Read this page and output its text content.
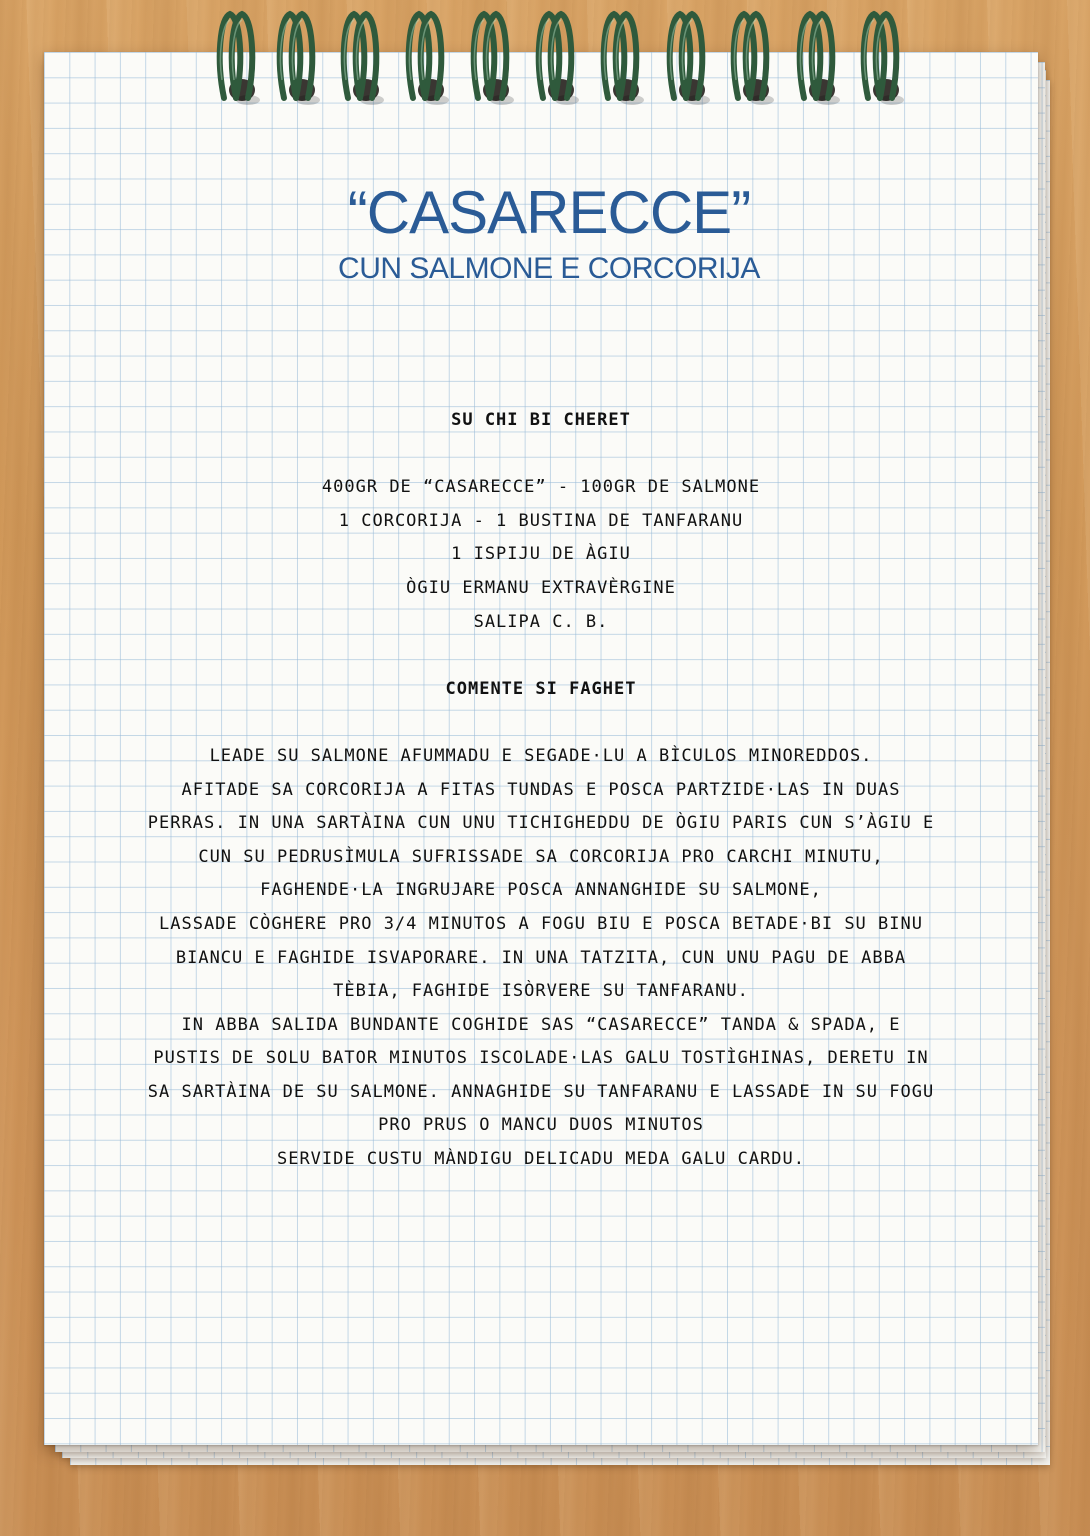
“CASARECCE”
CUN SALMONE E CORCORIJA
SU CHI BI CHERET
400GR DE “CASARECCE” - 100GR DE SALMONE
1 CORCORIJA - 1 BUSTINA DE TANFARANU
1 ISPIJU DE ÀGIU
ÒGIU ERMANU EXTRAVÈRGINE
SALIPA C. B.
COMENTE SI FAGHET
LEADE SU SALMONE AFUMMADU E SEGADE·LU A BÌCULOS MINOREDDOS.
AFITADE SA CORCORIJA A FITAS TUNDAS E POSCA PARTZIDE·LAS IN DUAS
PERRAS. IN UNA SARTÀINA CUN UNU TICHIGHEDDU DE ÒGIU PARIS CUN S’ÀGIU E
CUN SU PEDRUSÌMULA SUFRISSADE SA CORCORIJA PRO CARCHI MINUTU,
FAGHENDE·LA INGRUJARE POSCA ANNANGHIDE SU SALMONE,
LASSADE CÒGHERE PRO 3/4 MINUTOS A FOGU BIU E POSCA BETADE·BI SU BINU
BIANCU E FAGHIDE ISVAPORARE. IN UNA TATZITA, CUN UNU PAGU DE ABBA
TÈBIA, FAGHIDE ISÒRVERE SU TANFARANU.
IN ABBA SALIDA BUNDANTE COGHIDE SAS “CASARECCE” TANDA & SPADA, E
PUSTIS DE SOLU BATOR MINUTOS ISCOLADE·LAS GALU TOSTÌGHINAS, DERETU IN
SA SARTÀINA DE SU SALMONE. ANNAGHIDE SU TANFARANU E LASSADE IN SU FOGU
PRO PRUS O MANCU DUOS MINUTOS
SERVIDE CUSTU MÀNDIGU DELICADU MEDA GALU CARDU.
